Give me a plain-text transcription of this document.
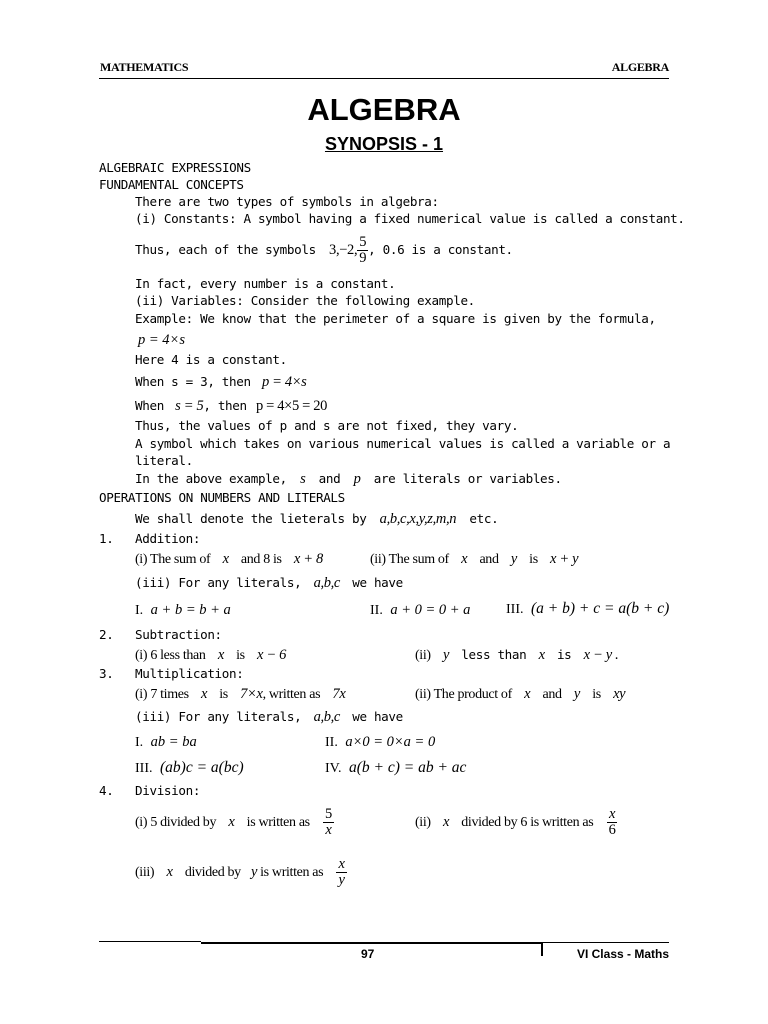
MATHEMATICS	ALGEBRA
ALGEBRA
SYNOPSIS - 1
ALGEBRAIC EXPRESSIONS
FUNDAMENTAL CONCEPTS
There are two types of symbols in algebra:
(i) Constants: A symbol having a fixed numerical value is called a constant.
Thus, each of the symbols 3,−2, $\frac{5}{9}$ , 0.6 is a constant.
In fact, every number is a constant.
(ii) Variables: Consider the following example.
Example: We know that the perimeter of a square is given by the formula,
p = 4×s
Here 4 is a constant.
When s = 3, then p = 4×s
When s = 5, then p = 4×5 = 20
Thus, the values of p and s are not fixed, they vary.
A symbol which takes on various numerical values is called a variable or a
literal.
In the above example, s and p are literals or variables.
OPERATIONS ON NUMBERS AND LITERALS
We shall denote the lieterals by a,b,c,x,y,z,m,n etc.
1. Addition:
(i) The sum of x and 8 is x + 8	(ii) The sum of x and y is x + y
(iii) For any literals, a,b,c we have
I. a + b = b + a	II. a + 0 = 0 + a	III. (a + b) + c = a(b + c)
2. Subtraction:
(i) 6 less than x is x − 6	(ii) y less than x is x − y .
3. Multiplication:
(i) 7 times x is 7×x, written as 7x	(ii) The product of x and y is xy
(iii) For any literals, a,b,c we have
I. ab = ba	II. a×0 = 0×a = 0
III. (ab)c = a(bc)	IV. a(b + c) = ab + ac
4. Division:
(i) 5 divided by x is written as $\frac{5}{x}$	(ii) x divided by 6 is written as $\frac{x}{6}$
(iii) x divided by y is written as $\frac{x}{y}$
97	VI Class - Maths
